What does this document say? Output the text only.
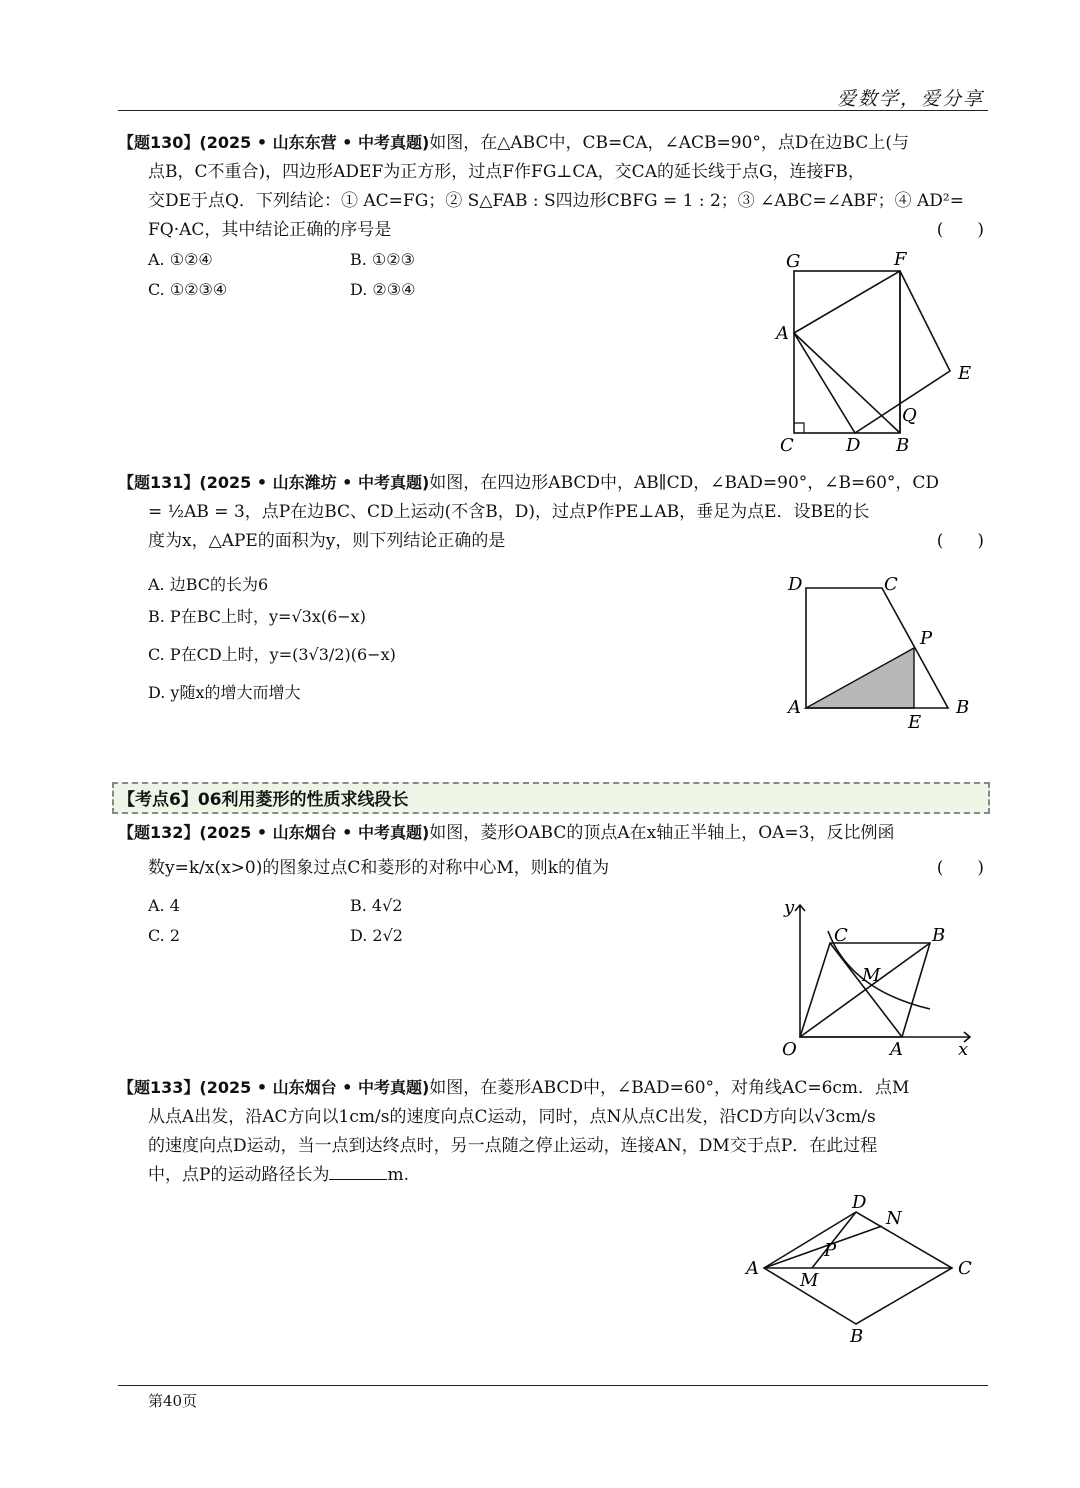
爱数学，爱分享

【题130】(2025 • 山东东营 • 中考真题)如图，在△ABC中，CB=CA，∠ACB=90°，点D在边BC上(与

点B，C不重合)，四边形ADEF为正方形，过点F作FG⊥CA，交CA的延长线于点G，连接FB，

交DE于点Q．下列结论：① AC=FG；② S△FAB : S四边形CBFG = 1 : 2；③ ∠ABC=∠ABF；④ AD²=

FQ·AC，其中结论正确的序号是	(　　)

A. ①②④	B. ①②③
C. ①②③④	D. ②③④
G	F
A
E
Q
C	D B

【题131】(2025 • 山东潍坊 • 中考真题)如图，在四边形ABCD中，AB∥CD，∠BAD=90°，∠B=60°，CD

= ½AB = 3，点P在边BC、CD上运动(不含B，D)，过点P作PE⊥AB，垂足为点E．设BE的长

度为x，△APE的面积为y，则下列结论正确的是	(　　)

A. 边BC的长为6
B. P在BC上时，y=√3x(6−x)
C. P在CD上时，y=(3√3/2)(6−x)
D. y随x的增大而增大
D	C
P
A
E
B
【考点6】06利用菱形的性质求线段长

【题132】(2025 • 山东烟台 • 中考真题)如图，菱形OABC的顶点A在x轴正半轴上，OA=3，反比例函

数y=k/x(x>0)的图象过点C和菱形的对称中心M，则k的值为	(　　)

A. 4	B. 4√2
C. 2	D. 2√2
y
C	B
M
O	A	x

【题133】(2025 • 山东烟台 • 中考真题)如图，在菱形ABCD中，∠BAD=60°，对角线AC=6cm．点M

从点A出发，沿AC方向以1cm/s的速度向点C运动，同时，点N从点C出发，沿CD方向以√3cm/s

的速度向点D运动，当一点到达终点时，另一点随之停止运动，连接AN，DM交于点P．在此过程

中，点P的运动路径长为	m.

D
N
P
A
M
C
B
第40页
